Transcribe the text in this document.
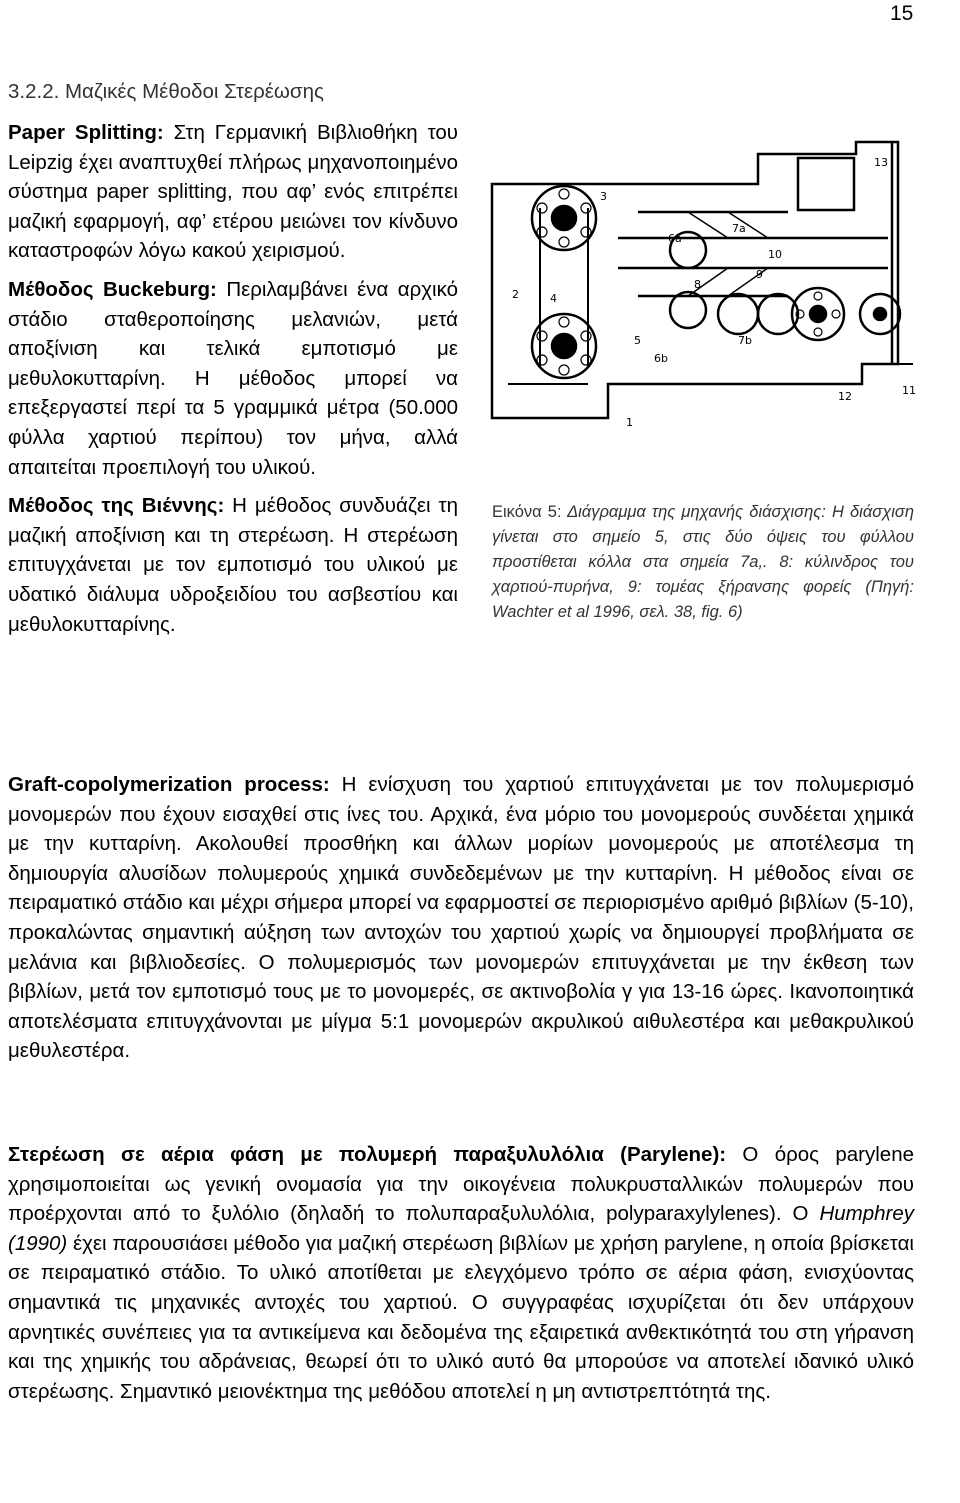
15
3.2.2. Μαζικές Μέθοδοι Στερέωσης

Paper Splitting: Στη Γερμανική Βιβλιοθήκη του Leipzig έχει αναπτυχθεί πλήρως μηχανοποιημένο σύστημα paper splitting, που αφ’ ενός επιτρέπει μαζική εφαρμογή, αφ’ ετέρου μειώνει τον κίνδυνο καταστροφών λόγω κακού χειρισμού.

Μέθοδος Buckeburg: Περιλαμβάνει ένα αρχικό στάδιο σταθεροποίησης μελανιών, μετά αποξίνιση και τελικά εμποτισμό με μεθυλοκυτταρίνη. Η μέθοδος μπορεί να επεξεργαστεί περί τα 5 γραμμικά μέτρα (50.000 φύλλα χαρτιού περίπου) τον μήνα, αλλά απαιτείται προεπιλογή του υλικού.

Μέθοδος της Βιέννης: Η μέθοδος συνδυάζει τη μαζική αποξίνιση και τη στερέωση. Η στερέωση επιτυγχάνεται με τον εμποτισμό του υλικού με υδατικό διάλυμα υδροξειδίου του ασβεστίου και μεθυλοκυτταρίνης.

13
3
6a
7a
10
9
8
2	4
5
6b
7b
12	11
1
Εικόνα 5: Διάγραμμα της μηχανής διάσχισης: Η διάσχιση γίνεται στο σημείο 5, στις δύο όψεις του φύλλου προστίθεται κόλλα στα σημεία 7a,. 8: κύλινδρος του χαρτιού-πυρήνα, 9: τομέας ξήρανσης φορείς (Πηγή: Wachter et al 1996, σελ. 38, fig. 6)

Graft-copolymerization process: Η ενίσχυση του χαρτιού επιτυγχάνεται με τον πολυμερισμό μονομερών που έχουν εισαχθεί στις ίνες του. Αρχικά, ένα μόριο του μονομερούς συνδέεται χημικά με την κυτταρίνη. Ακολουθεί προσθήκη και άλλων μορίων μονομερούς με αποτέλεσμα τη δημιουργία αλυσίδων πολυμερούς χημικά συνδεδεμένων με την κυτταρίνη. Η μέθοδος είναι σε πειραματικό στάδιο και μέχρι σήμερα μπορεί να εφαρμοστεί σε περιορισμένο αριθμό βιβλίων (5-10), προκαλώντας σημαντική αύξηση των αντοχών του χαρτιού χωρίς να δημιουργεί προβλήματα σε μελάνια και βιβλιοδεσίες. Ο πολυμερισμός των μονομερών επιτυγχάνεται με την έκθεση των βιβλίων, μετά τον εμποτισμό τους με το μονομερές, σε ακτινοβολία γ για 13-16 ώρες. Ικανοποιητικά αποτελέσματα επιτυγχάνονται με μίγμα 5:1 μονομερών ακρυλικού αιθυλεστέρα και μεθακρυλικού μεθυλεστέρα.

Στερέωση σε αέρια φάση με πολυμερή παραξυλυλόλια (Parylene): Ο όρος parylene χρησιμοποιείται ως γενική ονομασία για την οικογένεια πολυκρυσταλλικών πολυμερών που προέρχονται από το ξυλόλιο (δηλαδή το πολυπαραξυλυλόλια, polyparaxylylenes). Ο Humphrey (1990) έχει παρουσιάσει μέθοδο για μαζική στερέωση βιβλίων με χρήση parylene, η οποία βρίσκεται σε πειραματικό στάδιο. Το υλικό αποτίθεται με ελεγχόμενο τρόπο σε αέρια φάση, ενισχύοντας σημαντικά τις μηχανικές αντοχές του χαρτιού. Ο συγγραφέας ισχυρίζεται ότι δεν υπάρχουν αρνητικές συνέπειες για τα αντικείμενα και δεδομένα της εξαιρετικά ανθεκτικότητά του στη γήρανση και της χημικής του αδράνειας, θεωρεί ότι το υλικό αυτό θα μπορούσε να αποτελεί ιδανικό υλικό στερέωσης. Σημαντικό μειονέκτημα της μεθόδου αποτελεί η μη αντιστρεπτότητά της.
